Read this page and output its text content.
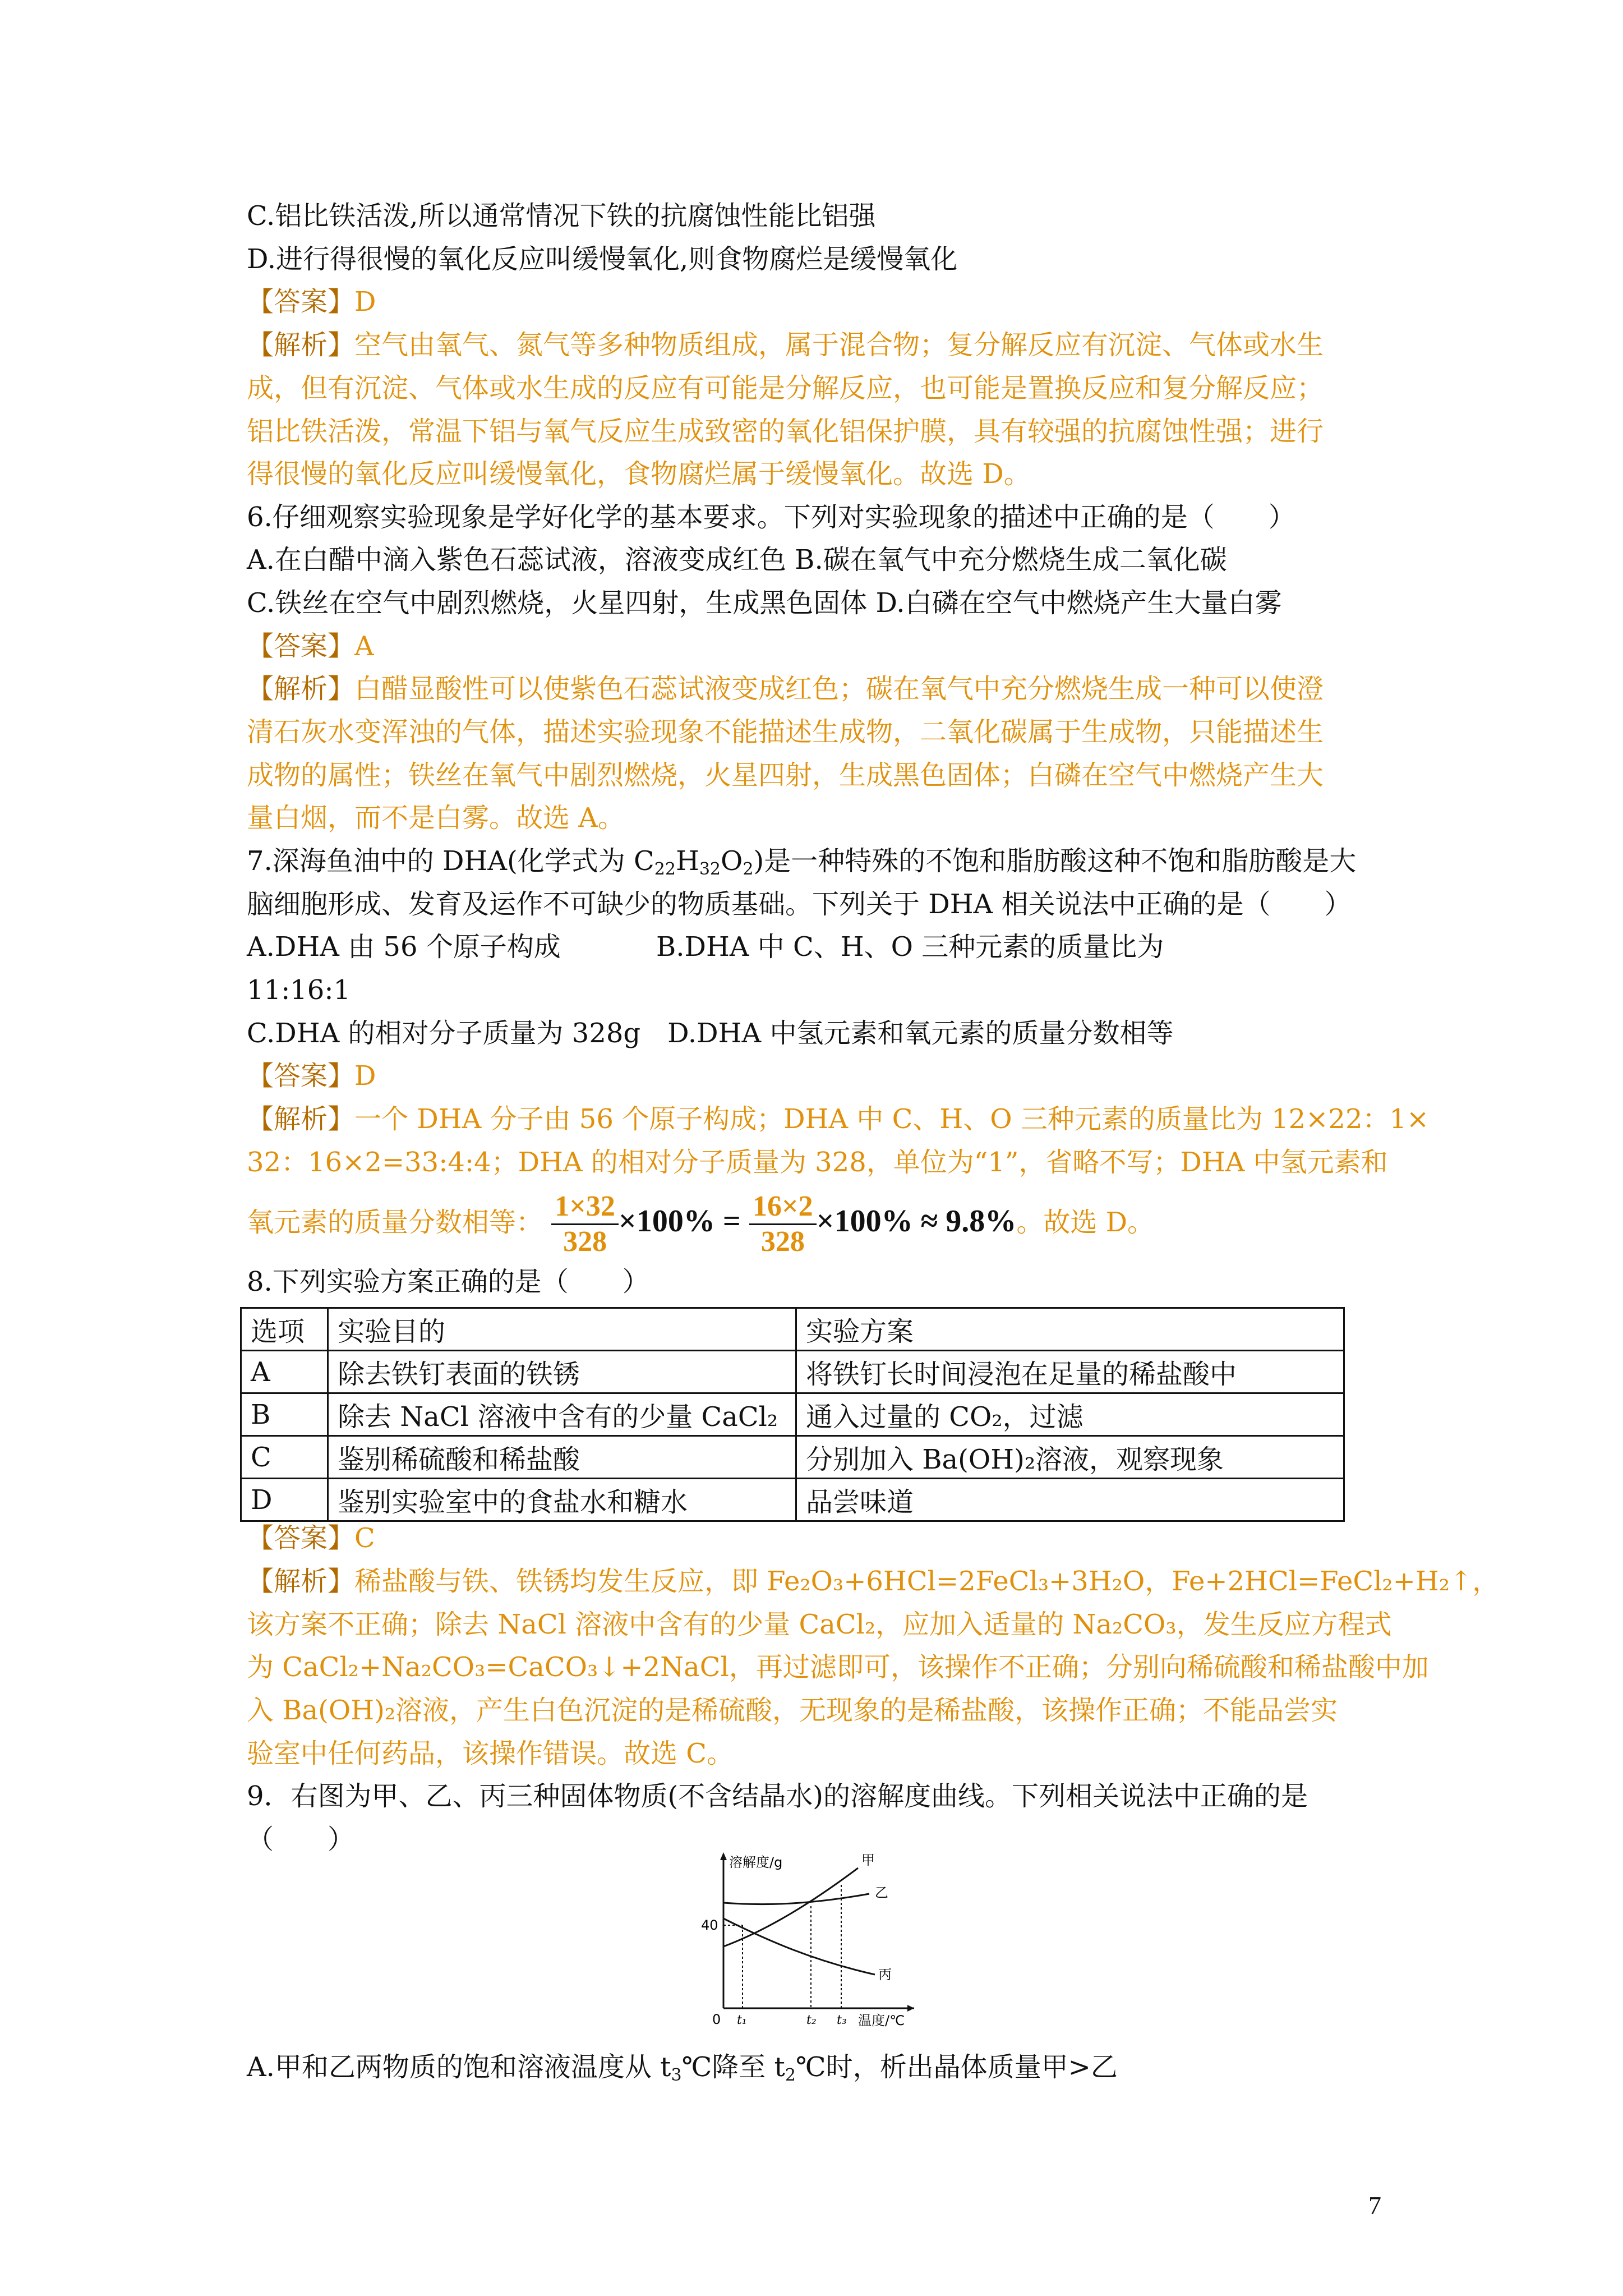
C.铝比铁活泼,所以通常情况下铁的抗腐蚀性能比铝强
D.进行得很慢的氧化反应叫缓慢氧化,则食物腐烂是缓慢氧化
【答案】D
【解析】空气由氧气、氮气等多种物质组成，属于混合物；复分解反应有沉淀、气体或水生
成，但有沉淀、气体或水生成的反应有可能是分解反应，也可能是置换反应和复分解反应；
铝比铁活泼，常温下铝与氧气反应生成致密的氧化铝保护膜，具有较强的抗腐蚀性强；进行
得很慢的氧化反应叫缓慢氧化，食物腐烂属于缓慢氧化。故选 D。
6.仔细观察实验现象是学好化学的基本要求。下列对实验现象的描述中正确的是（　　）
A.在白醋中滴入紫色石蕊试液，溶液变成红色 B.碳在氧气中充分燃烧生成二氧化碳
C.铁丝在空气中剧烈燃烧，火星四射，生成黑色固体 D.白磷在空气中燃烧产生大量白雾
【答案】A
【解析】白醋显酸性可以使紫色石蕊试液变成红色；碳在氧气中充分燃烧生成一种可以使澄
清石灰水变浑浊的气体，描述实验现象不能描述生成物，二氧化碳属于生成物，只能描述生
成物的属性；铁丝在氧气中剧烈燃烧，火星四射，生成黑色固体；白磷在空气中燃烧产生大
量白烟，而不是白雾。故选 A。
7.深海鱼油中的 DHA(化学式为 $C_{22}H_{32}O_2$)是一种特殊的不饱和脂肪酸这种不饱和脂肪酸是大
脑细胞形成、发育及运作不可缺少的物质基础。下列关于 DHA 相关说法中正确的是（　　）
A.DHA 由 56 个原子构成	B.DHA 中 C、H、O 三种元素的质量比为
11:16:1
C.DHA 的相对分子质量为 328g　D.DHA 中氢元素和氧元素的质量分数相等
【答案】D
【解析】一个 DHA 分子由 56 个原子构成；DHA 中 C、H、O 三种元素的质量比为 12×22：1×
32：16×2=33:4:4；DHA 的相对分子质量为 328，单位为“1”，省略不写；DHA 中氢元素和
氧元素的质量分数相等： $\frac{1\times 32}{328} \times 100\% = \frac{16\times 2}{328} \times 100\% \approx 9.8\%$。故选 D。
8.下列实验方案正确的是（　　）
选项	实验目的	实验方案
A	除去铁钉表面的铁锈	将铁钉长时间浸泡在足量的稀盐酸中
B	除去 NaCl 溶液中含有的少量 CaCl₂	通入过量的 CO₂，过滤
C	鉴别稀硫酸和稀盐酸	分别加入 Ba(OH)₂溶液，观察现象
D	鉴别实验室中的食盐水和糖水	品尝味道
【答案】C
【解析】稀盐酸与铁、铁锈均发生反应，即 Fe₂O₃+6HCl=2FeCl₃+3H₂O，Fe+2HCl=FeCl₂+H₂↑，
该方案不正确；除去 NaCl 溶液中含有的少量 CaCl₂，应加入适量的 Na₂CO₃，发生反应方程式
为 CaCl₂+Na₂CO₃=CaCO₃↓+2NaCl，再过滤即可，该操作不正确；分别向稀硫酸和稀盐酸中加
入 Ba(OH)₂溶液，产生白色沉淀的是稀硫酸，无现象的是稀盐酸，该操作正确；不能品尝实
验室中任何药品，该操作错误。故选 C。
9．右图为甲、乙、丙三种固体物质(不含结晶水)的溶解度曲线。下列相关说法中正确的是
（　　）
溶解度/g
温度/℃
40
0 t₁	t₂ t₃
甲
乙
丙
A.甲和乙两物质的饱和溶液温度从 $t_3℃$降至 $t_2℃$时，析出晶体质量甲>乙
7
